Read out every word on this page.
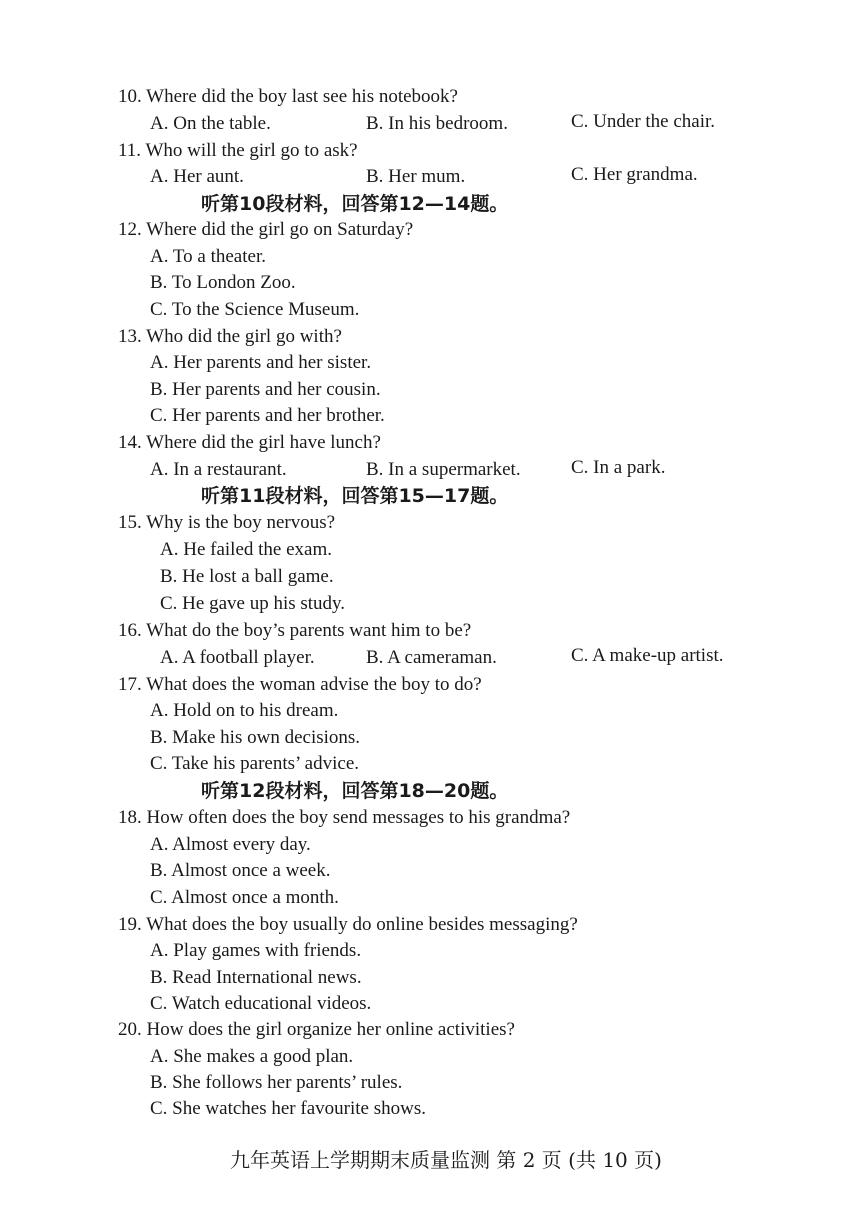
10. Where did the boy last see his notebook?
A. On the table.	B. In his bedroom.	C. Under the chair.
11. Who will the girl go to ask?
A. Her aunt.	B. Her mum.	C. Her grandma.
听第10段材料，回答第12—14题。
12. Where did the girl go on Saturday?
A. To a theater.
B. To London Zoo.
C. To the Science Museum.
13. Who did the girl go with?
A. Her parents and her sister.
B. Her parents and her cousin.
C. Her parents and her brother.
14. Where did the girl have lunch?
A. In a restaurant.	B. In a supermarket.	C. In a park.
听第11段材料，回答第15—17题。
15. Why is the boy nervous?
A. He failed the exam.
B. He lost a ball game.
C. He gave up his study.
16. What do the boy’s parents want him to be?
A. A football player.	B. A cameraman.	C. A make-up artist.
17. What does the woman advise the boy to do?
A. Hold on to his dream.
B. Make his own decisions.
C. Take his parents’ advice.
听第12段材料，回答第18—20题。
18. How often does the boy send messages to his grandma?
A. Almost every day.
B. Almost once a week.
C. Almost once a month.
19. What does the boy usually do online besides messaging?
A. Play games with friends.
B. Read International news.
C. Watch educational videos.
20. How does the girl organize her online activities?
A. She makes a good plan.
B. She follows her parents’ rules.
C. She watches her favourite shows.
九年英语上学期期末质量监测 第 2 页 (共 10 页)
